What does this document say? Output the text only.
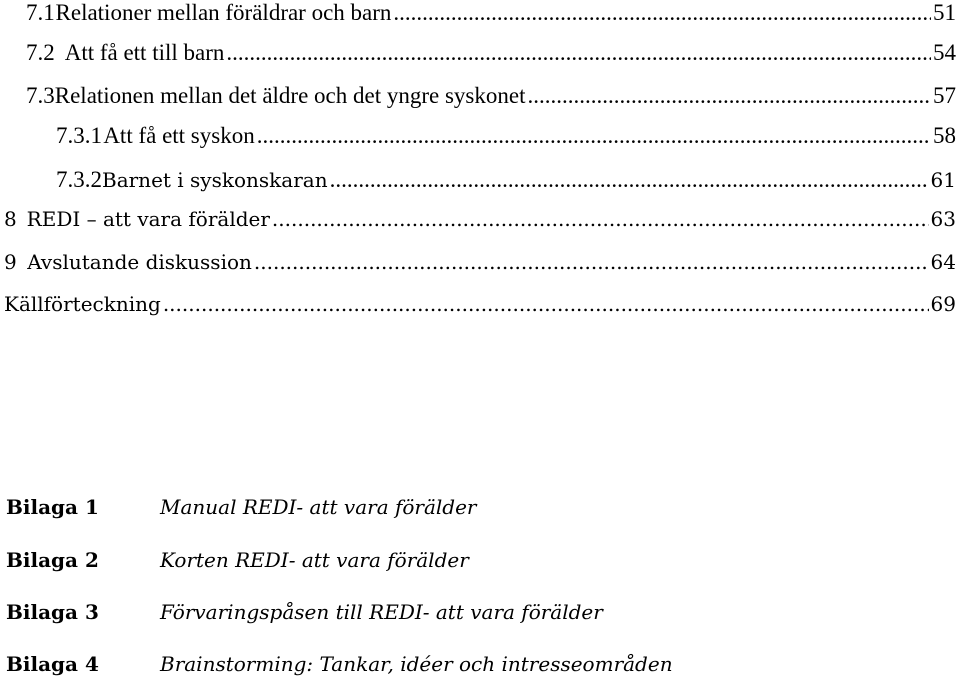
7.1 Relationer mellan föräldrar och barn .....	51
7.2 Att få ett till barn .....	54
7.3 Relationen mellan det äldre och det yngre syskonet .....	57
7.3.1 Att få ett syskon .....	58
7.3.2 Barnet i syskonskaran .....	61
8 REDI – att vara förälder .....	63
9 Avslutande diskussion .....	64
Källförteckning .....	69
Bilaga 1	Manual REDI- att vara förälder
Bilaga 2	Korten REDI- att vara förälder
Bilaga 3	Förvaringspåsen till REDI- att vara förälder
Bilaga 4	Brainstorming: Tankar, idéer och intresseområden
